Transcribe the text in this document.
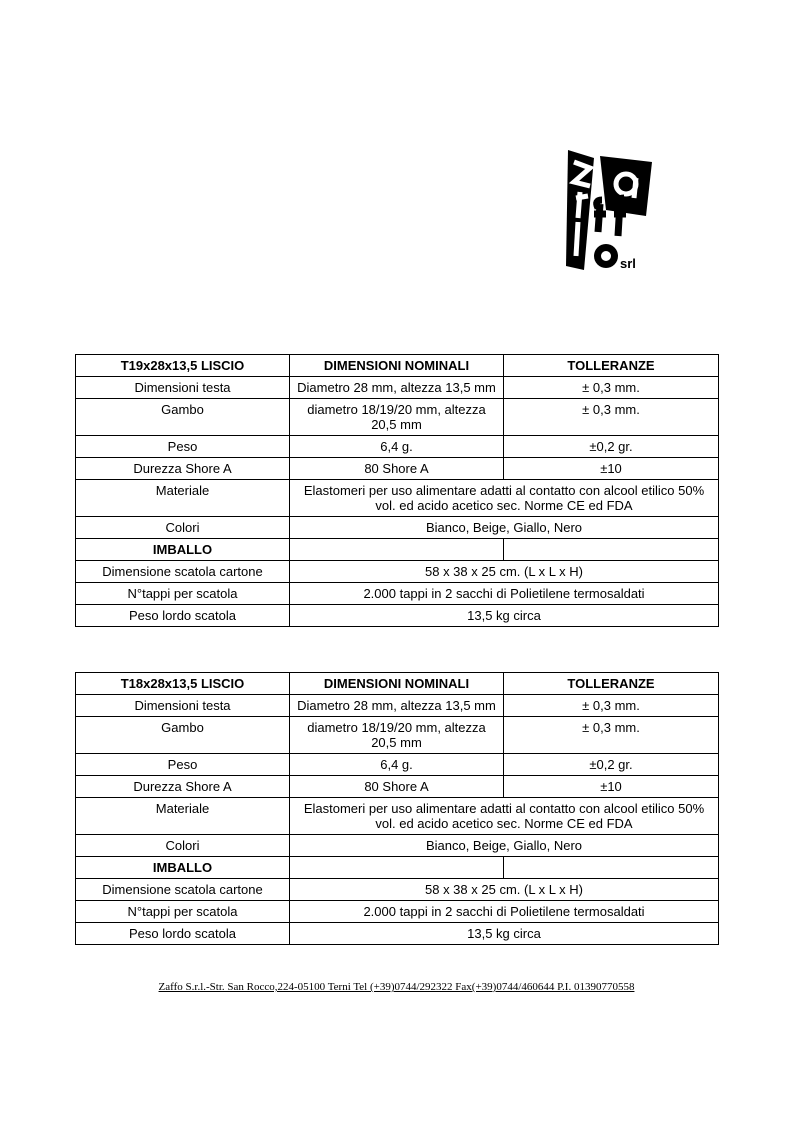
srl
T19x28x13,5 LISCIO	DIMENSIONI NOMINALI	TOLLERANZE
Dimensioni testa	Diametro 28 mm, altezza 13,5 mm	± 0,3 mm.
Gambo	diametro 18/19/20 mm, altezza 20,5 mm	± 0,3 mm.
Peso	6,4 g.	±0,2 gr.
Durezza Shore A	80 Shore A	±10
Materiale	Elastomeri per uso alimentare adatti al contatto con alcool etilico 50% vol. ed acido acetico sec. Norme CE ed FDA	
Colori	Bianco, Beige, Giallo, Nero	
IMBALLO		
Dimensione scatola cartone	58 x 38 x 25 cm. (L x L x H)	
N°tappi per scatola	2.000 tappi in 2 sacchi di Polietilene termosaldati	
Peso lordo scatola	13,5 kg circa	
T18x28x13,5 LISCIO	DIMENSIONI NOMINALI	TOLLERANZE
Dimensioni testa	Diametro 28 mm, altezza 13,5 mm	± 0,3 mm.
Gambo	diametro 18/19/20 mm, altezza 20,5 mm	± 0,3 mm.
Peso	6,4 g.	±0,2 gr.
Durezza Shore A	80 Shore A	±10
Materiale	Elastomeri per uso alimentare adatti al contatto con alcool etilico 50% vol. ed acido acetico sec. Norme CE ed FDA	
Colori	Bianco, Beige, Giallo, Nero	
IMBALLO		
Dimensione scatola cartone	58 x 38 x 25 cm. (L x L x H)	
N°tappi per scatola	2.000 tappi in 2 sacchi di Polietilene termosaldati	
Peso lordo scatola	13,5 kg circa	
Zaffo S.r.l.-Str. San Rocco,224-05100 Terni Tel (+39)0744/292322 Fax(+39)0744/460644 P.I. 01390770558
